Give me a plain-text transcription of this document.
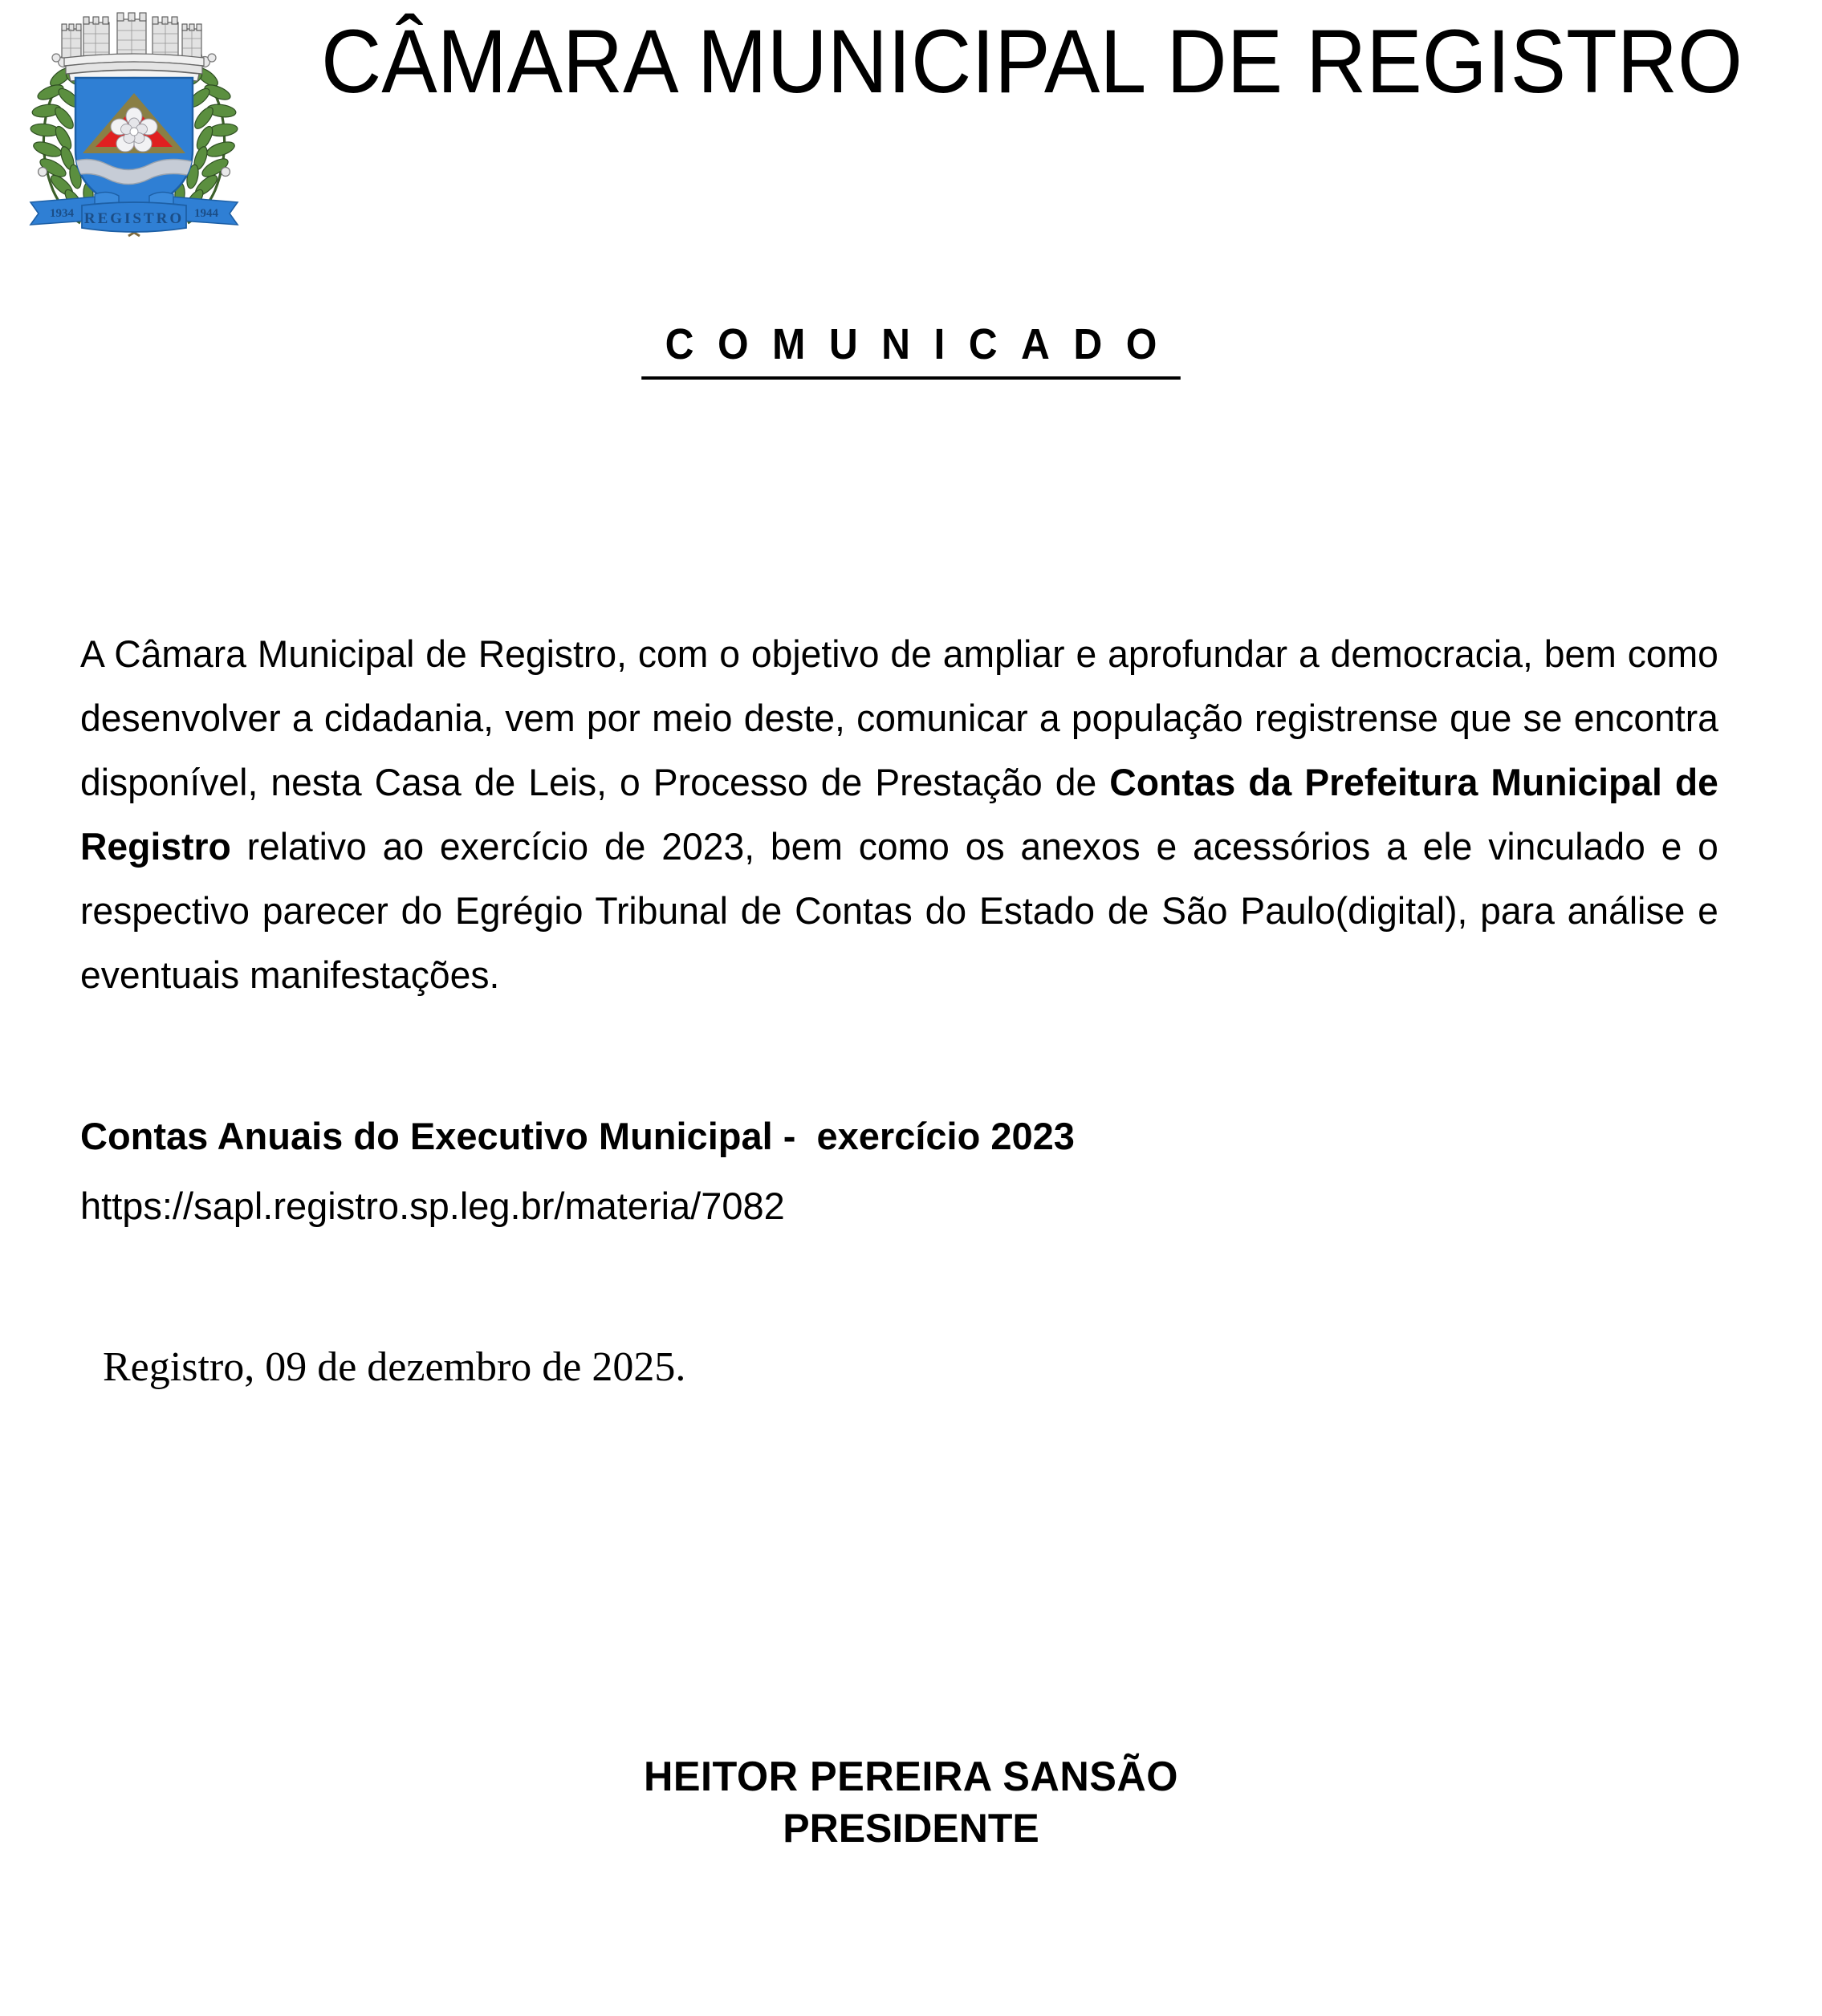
1934	1944
REGISTRO
CÂMARA MUNICIPAL DE REGISTRO
COMUNICADO

A Câmara Municipal de Registro, com o objetivo de ampliar e aprofundar a democracia, bem como desenvolver a cidadania, vem por meio deste, comunicar a população registrense que se encontra disponível, nesta Casa de Leis, o Processo de Prestação de Contas da Prefeitura Municipal de Registro relativo ao exercício de 2023, bem como os anexos e acessórios a ele vinculado e o respectivo parecer do Egrégio Tribunal de Contas do Estado de São Paulo(digital), para análise e eventuais manifestações.

Contas Anuais do Executivo Municipal -  exercício 2023
https://sapl.registro.sp.leg.br/materia/7082
Registro, 09 de dezembro de 2025.
HEITOR PEREIRA SANSÃO
PRESIDENTE
